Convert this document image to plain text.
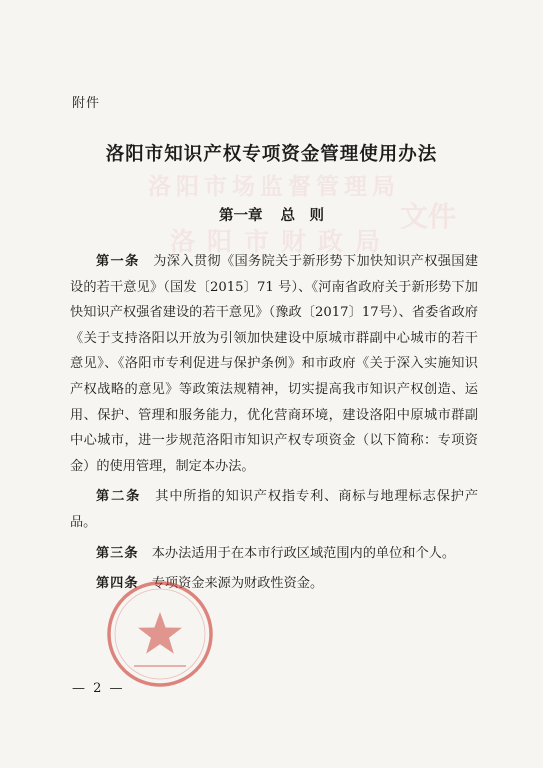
洛阳市场监督管理局
洛阳市财政局
文件
附件
洛阳市知识产权专项资金管理使用办法
第一章 总　则

第一条　 为深入贯彻《国务院关于新形势下加快知识产权强国建设的若干意见》（国发〔2015〕71 号）、《河南省政府关于新形势下加快知识产权强省建设的若干意见》（豫政〔2017〕17号）、省委省政府《关于支持洛阳以开放为引领加快建设中原城市群副中心城市的若干意见》、《洛阳市专利促进与保护条例》和市政府《关于深入实施知识产权战略的意见》等政策法规精神，切实提高我市知识产权创造、运用、保护、管理和服务能力，优化营商环境，建设洛阳中原城市群副中心城市，进一步规范洛阳市知识产权专项资金（以下简称：专项资金）的使用管理，制定本办法。

第二条　 其中所指的知识产权指专利、商标与地理标志保护产品。

第三条　 本办法适用于在本市行政区域范围内的单位和个人。

第四条　 专项资金来源为财政性资金。

— 2 —
